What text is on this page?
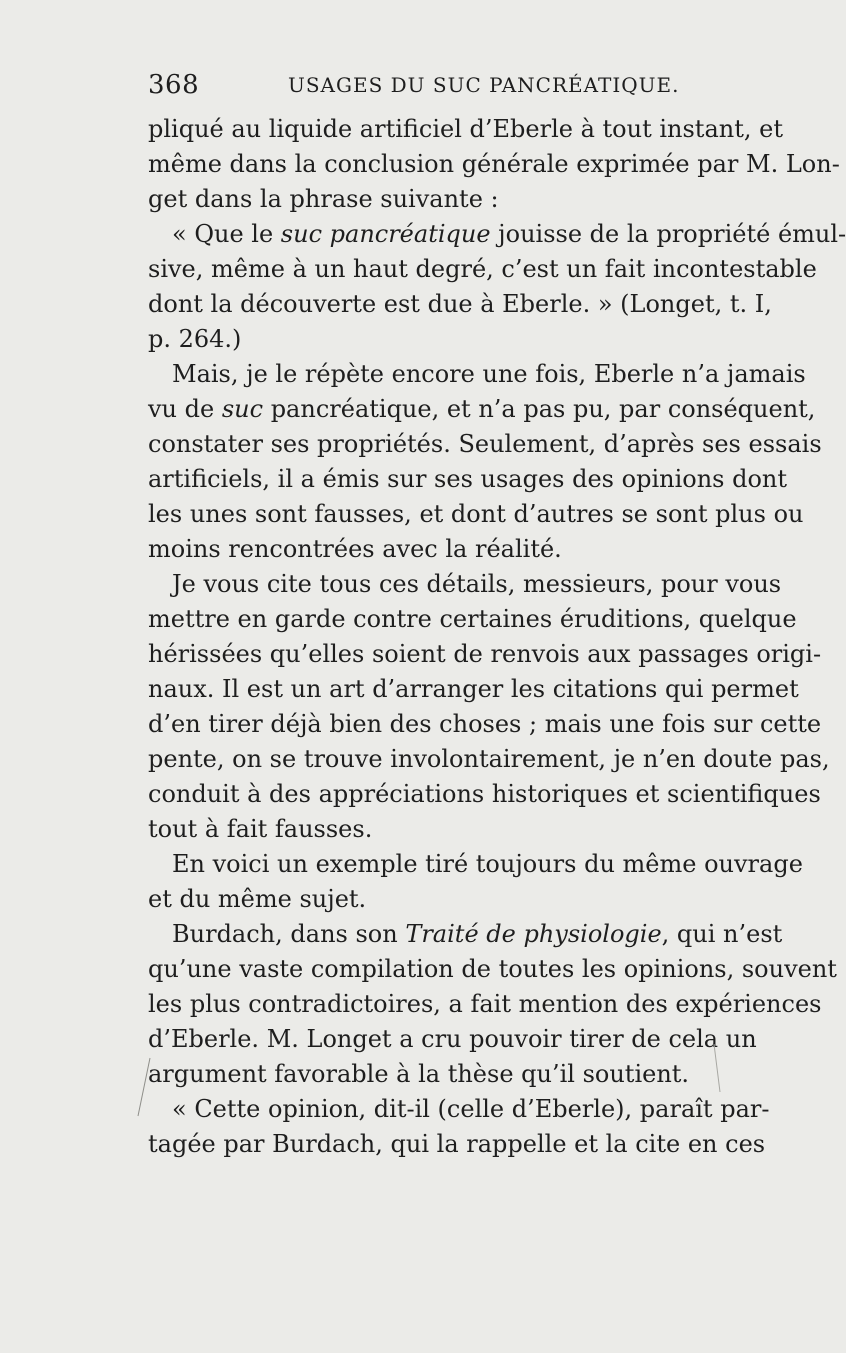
368	USAGES DU SUC PANCRÉATIQUE.
pliqué au liquide artificiel d’Eberle à tout instant, et
même dans la conclusion générale exprimée par M. Lon-
get dans la phrase suivante :
« Que le suc pancréatique jouisse de la propriété émul-
sive, même à un haut degré, c’est un fait incontestable
dont la découverte est due à Eberle. » (Longet, t. I,
p. 264.)
Mais, je le répète encore une fois, Eberle n’a jamais
vu de suc pancréatique, et n’a pas pu, par conséquent,
constater ses propriétés. Seulement, d’après ses essais
artificiels, il a émis sur ses usages des opinions dont
les unes sont fausses, et dont d’autres se sont plus ou
moins rencontrées avec la réalité.
Je vous cite tous ces détails, messieurs, pour vous
mettre en garde contre certaines éruditions, quelque
hérissées qu’elles soient de renvois aux passages origi-
naux. Il est un art d’arranger les citations qui permet
d’en tirer déjà bien des choses ; mais une fois sur cette
pente, on se trouve involontairement, je n’en doute pas,
conduit à des appréciations historiques et scientifiques
tout à fait fausses.
En voici un exemple tiré toujours du même ouvrage
et du même sujet.
Burdach, dans son Traité de physiologie, qui n’est
qu’une vaste compilation de toutes les opinions, souvent
les plus contradictoires, a fait mention des expériences
d’Eberle. M. Longet a cru pouvoir tirer de cela un
argument favorable à la thèse qu’il soutient.
« Cette opinion, dit-il (celle d’Eberle), paraît par-
tagée par Burdach, qui la rappelle et la cite en ces
